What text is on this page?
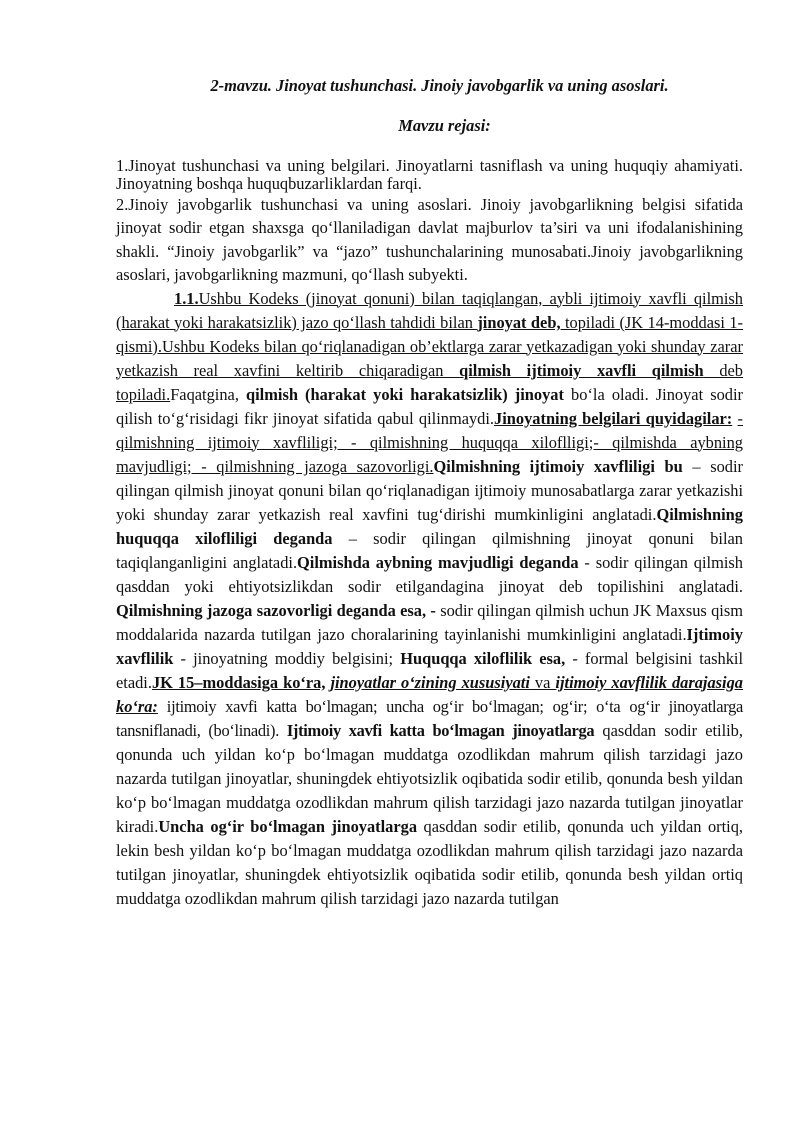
2-mavzu. Jinoyat tushunchasi. Jinoiy javobgarlik va uning asoslari.

Mavzu rejasi:

1.Jinoyat tushunchasi va uning belgilari. Jinoyatlarni tasniflash va uning huquqiy ahamiyati. Jinoyatning boshqa huquqbuzarliklardan farqi.

2.Jinoiy javobgarlik tushunchasi va uning asoslari. Jinoiy javobgarlikning belgisi sifatida jinoyat sodir etgan shaxsga qo‘llaniladigan davlat majburlov ta’siri va uni ifodalanishining shakli. “Jinoiy javobgarlik” va “jazo” tushunchalarining munosabati.Jinoiy javobgarlikning asoslari, javobgarlikning mazmuni, qo‘llash subyekti.

1.1.Ushbu Kodeks (jinoyat qonuni) bilan taqiqlangan, aybli ijtimoiy xavfli qilmish (harakat yoki harakatsizlik) jazo qo‘llash tahdidi bilan jinoyat deb, topiladi (JK 14-moddasi 1-qismi).Ushbu Kodeks bilan qo‘riqlanadigan ob’ektlarga zarar yetkazadigan yoki shunday zarar yetkazish real xavfini keltirib chiqaradigan qilmish ijtimoiy xavfli qilmish deb topiladi.Faqatgina, qilmish (harakat yoki harakatsizlik) jinoyat bo‘la oladi. Jinoyat sodir qilish to‘g‘risidagi fikr jinoyat sifatida qabul qilinmaydi.Jinoyatning belgilari quyidagilar: - qilmishning ijtimoiy xavfliligi; - qilmishning huquqqa xiloflligi;- qilmishda aybning mavjudligi; - qilmishning jazoga sazovorligi.Qilmishning ijtimoiy xavfliligi bu – sodir qilingan qilmish jinoyat qonuni bilan qo‘riqlanadigan ijtimoiy munosabatlarga zarar yetkazishi yoki shunday zarar yetkazish real xavfini tug‘dirishi mumkinligini anglatadi.Qilmishning huquqqa xilofliligi deganda – sodir qilingan qilmishning jinoyat qonuni bilan taqiqlanganligini anglatadi.Qilmishda aybning mavjudligi deganda - sodir qilingan qilmish qasddan yoki ehtiyotsizlikdan sodir etilgandagina jinoyat deb topilishini anglatadi. Qilmishning jazoga sazovorligi deganda esa, - sodir qilingan qilmish uchun JK Maxsus qism moddalarida nazarda tutilgan jazo choralarining tayinlanishi mumkinligini anglatadi.Ijtimoiy xavflilik - jinoyatning moddiy belgisini; Huquqqa xiloflilik esa, - formal belgisini tashkil etadi.JK 15–moddasiga ko‘ra, jinoyatlar o‘zining xususiyati va ijtimoiy xavflilik darajasiga ko‘ra: ijtimoiy xavfi katta bo‘lmagan; uncha og‘ir bo‘lmagan; og‘ir; o‘ta og‘ir jinoyatlarga tansniflanadi, (bo‘linadi). Ijtimoiy xavfi katta bo‘lmagan jinoyatlarga qasddan sodir etilib, qonunda uch yildan ko‘p bo‘lmagan muddatga ozodlikdan mahrum qilish tarzidagi jazo nazarda tutilgan jinoyatlar, shuningdek ehtiyotsizlik oqibatida sodir etilib, qonunda besh yildan ko‘p bo‘lmagan muddatga ozodlikdan mahrum qilish tarzidagi jazo nazarda tutilgan jinoyatlar kiradi.Uncha og‘ir bo‘lmagan jinoyatlarga qasddan sodir etilib, qonunda uch yildan ortiq, lekin besh yildan ko‘p bo‘lmagan muddatga ozodlikdan mahrum qilish tarzidagi jazo nazarda tutilgan jinoyatlar, shuningdek ehtiyotsizlik oqibatida sodir etilib, qonunda besh yildan ortiq muddatga ozodlikdan mahrum qilish tarzidagi jazo nazarda tutilgan
